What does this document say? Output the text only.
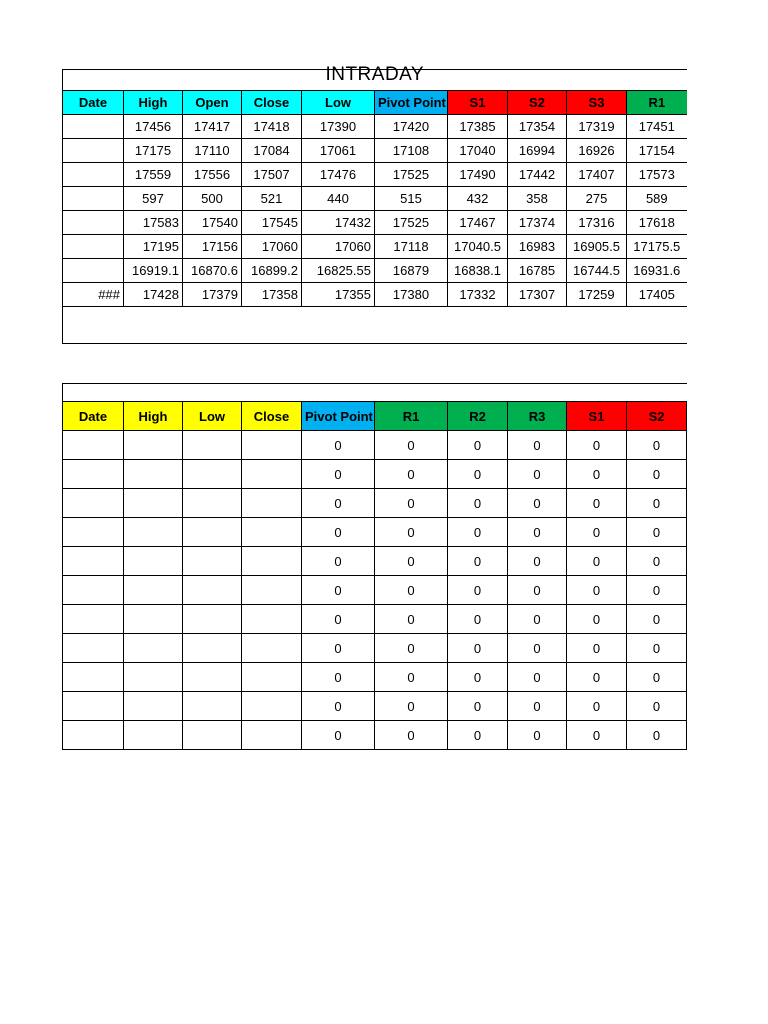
INTRADAY									

Date	High	Open	Close	Low	Pivot Point	S1	S2	S3	R1
	17456	17417	17418	17390	17420	17385	17354	17319	17451
	17175	17110	17084	17061	17108	17040	16994	16926	17154
	17559	17556	17507	17476	17525	17490	17442	17407	17573
	597	500	521	440	515	432	358	275	589
	17583	17540	17545	17432	17525	17467	17374	17316	17618
	17195	17156	17060	17060	17118	17040.5	16983	16905.5	17175.5
	16919.1	16870.6	16899.2	16825.55	16879	16838.1	16785	16744.5	16931.6
###	17428	17379	17358	17355	17380	17332	17307	17259	17405

Date	High	Low	Close	Pivot Point	R1	R2	R3	S1	S2
				0	0	0	0	0	0
				0	0	0	0	0	0
				0	0	0	0	0	0
				0	0	0	0	0	0
				0	0	0	0	0	0
				0	0	0	0	0	0
				0	0	0	0	0	0
				0	0	0	0	0	0
				0	0	0	0	0	0
				0	0	0	0	0	0
				0	0	0	0	0	0
